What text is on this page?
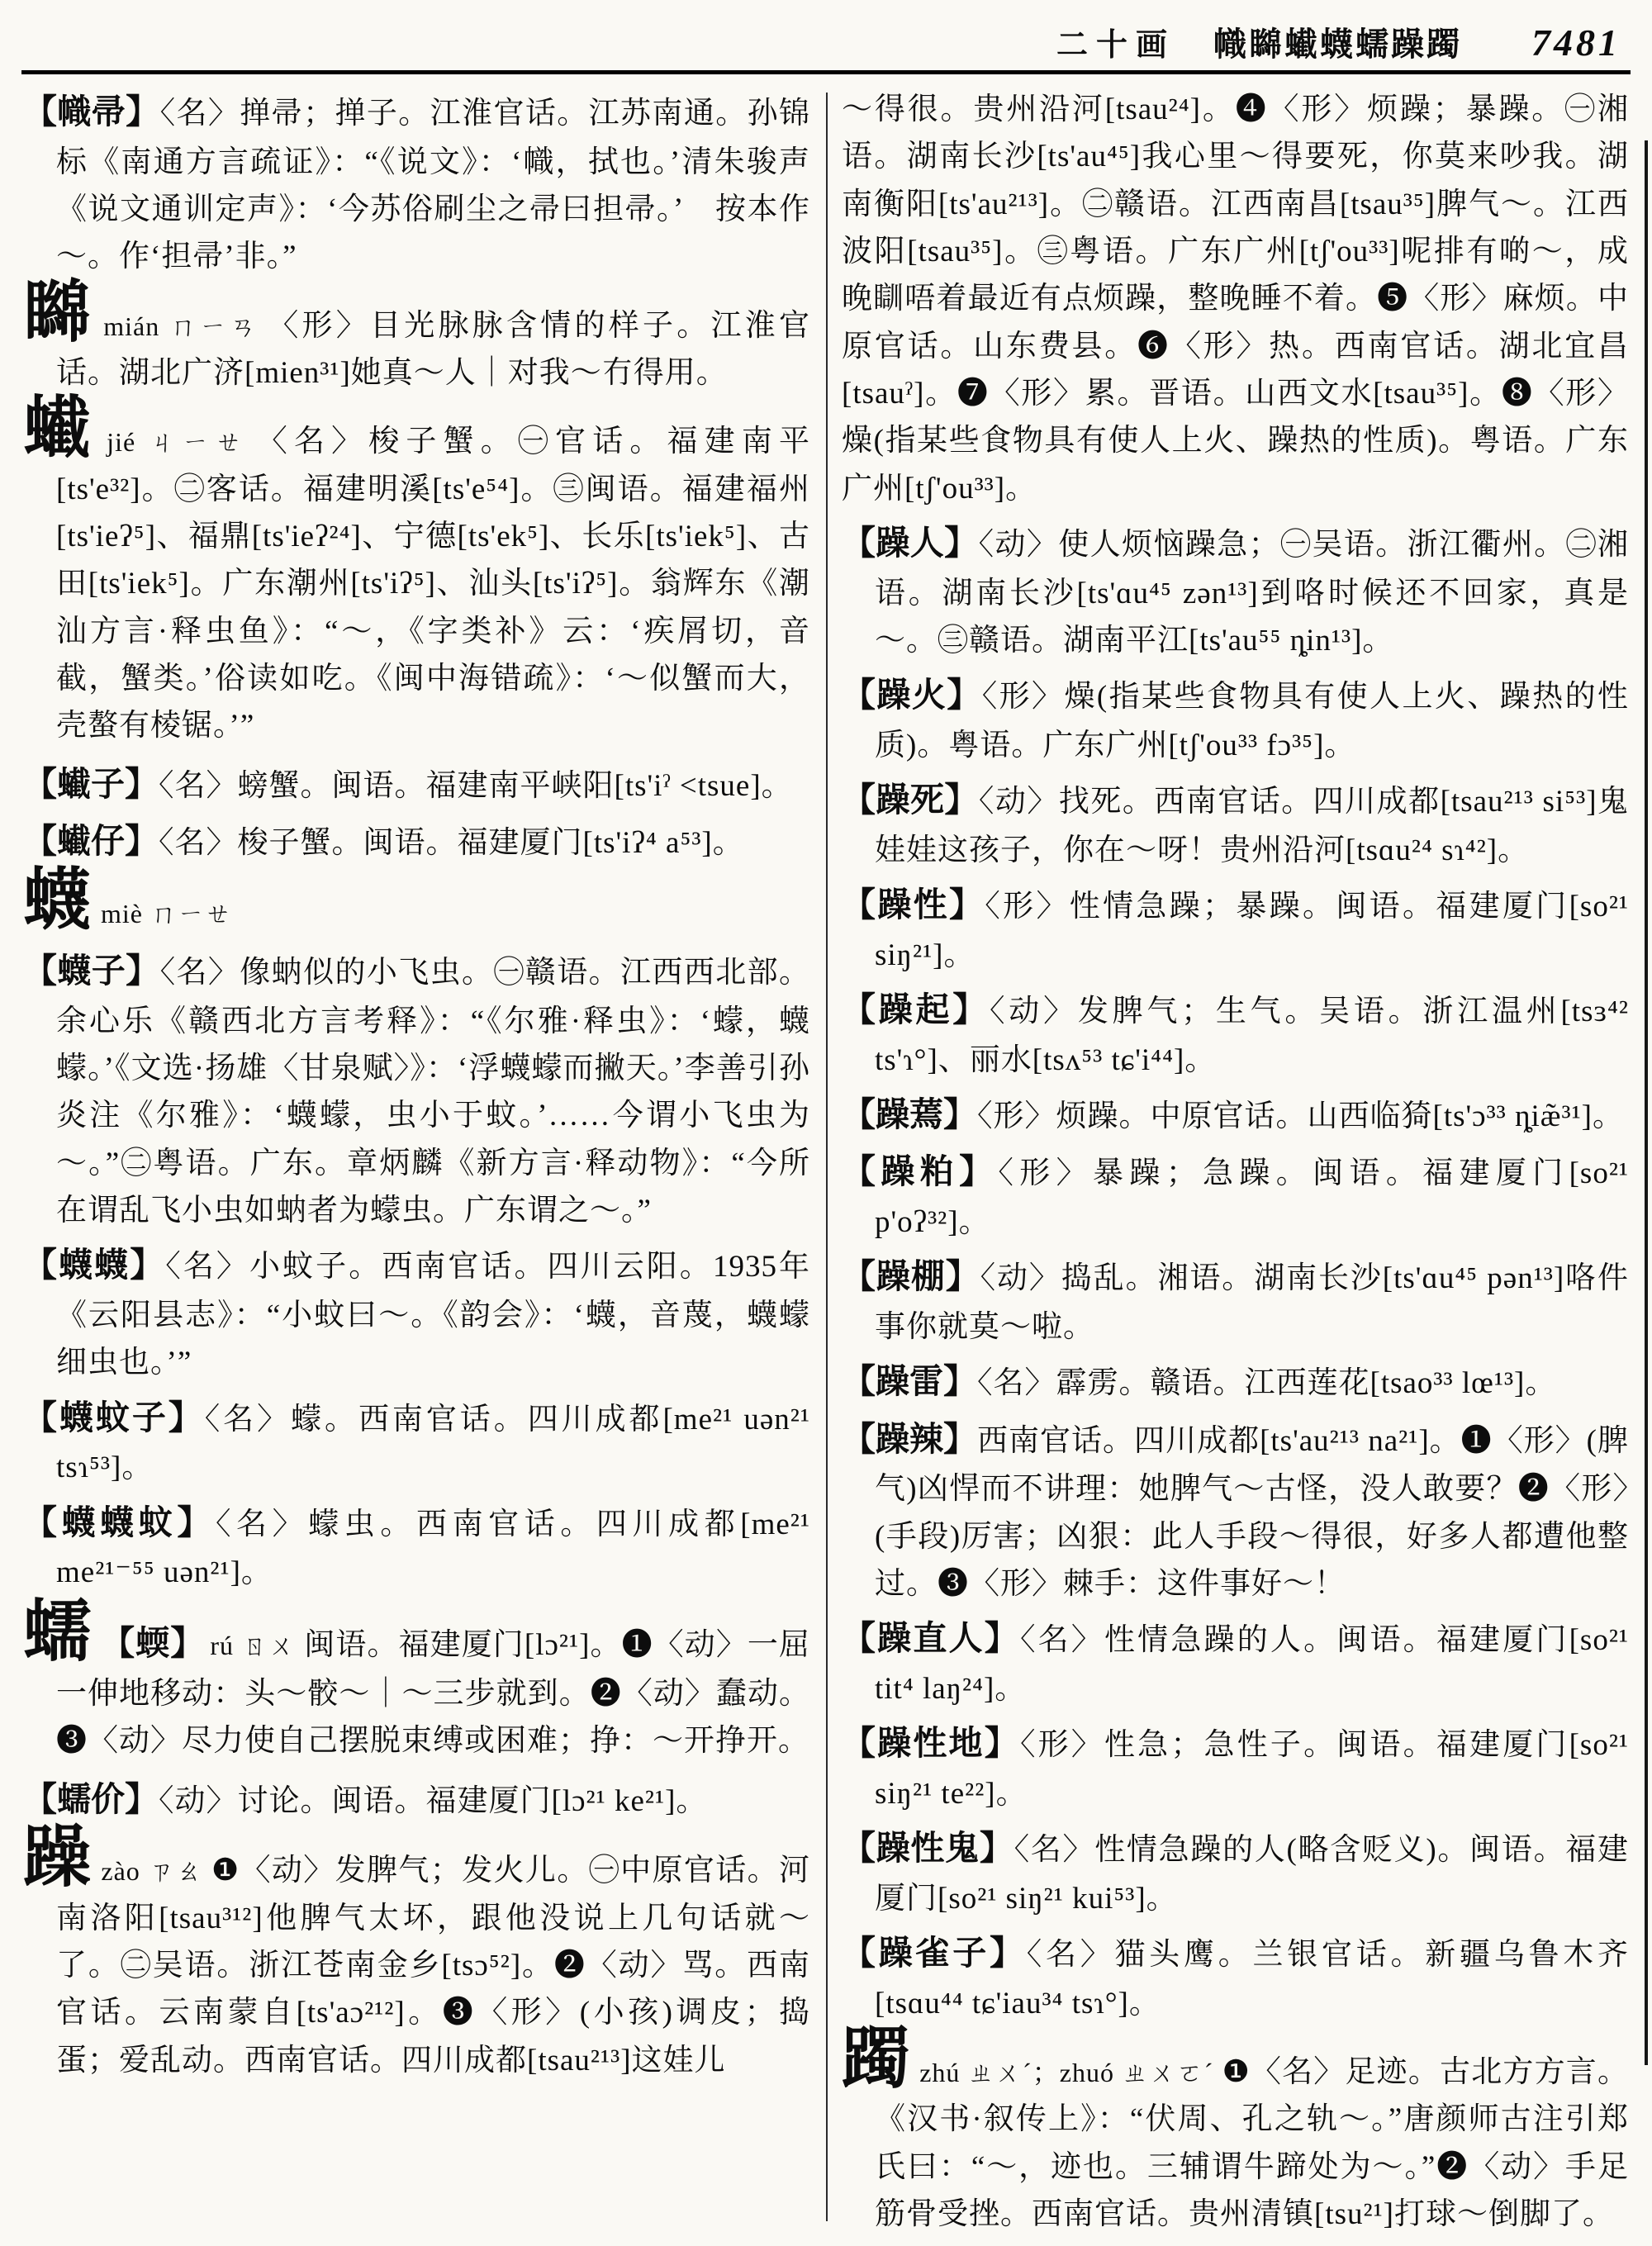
二十画 幟矊蠘蠛蠕躁躅 7481

【幟帚】〈名〉掸帚；掸子。江淮官话。江苏南通。孙锦标《南通方言疏证》：“《说文》：‘幟，拭也。’清朱骏声《说文通训定声》：‘今苏俗刷尘之帚曰担帚。’　按本作～。作‘担帚’非。”

矊mián ㄇㄧㄢ 〈形〉目光脉脉含情的样子。江淮官话。湖北广济[mien³¹]她真～人｜对我～冇得用。

蠘jié ㄐㄧㄝ 〈名〉梭子蟹。㊀官话。福建南平[ts'e³²]。㊁客话。福建明溪[ts'e⁵⁴]。㊂闽语。福建福州[ts'ieʔ⁵]、福鼎[ts'ieʔ²⁴]、宁德[ts'ek⁵]、长乐[ts'iek⁵]、古田[ts'iek⁵]。广东潮州[ts'iʔ⁵]、汕头[ts'iʔ⁵]。翁辉东《潮汕方言·释虫鱼》：“～，《字类补》云：‘疾屑切，音截，蟹类。’俗读如吃。《闽中海错疏》：‘～似蟹而大，壳螯有棱锯。’”

【蠘子】〈名〉螃蟹。闽语。福建南平峡阳[ts'iˀ ˂tsue]。

【蠘仔】〈名〉梭子蟹。闽语。福建厦门[ts'iʔ⁴ a⁵³]。

蠛miè ㄇㄧㄝ

【蠛子】〈名〉像蚋似的小飞虫。㊀赣语。江西西北部。余心乐《赣西北方言考释》：“《尔雅·释虫》：‘蠓，蠛蠓。’《文选·扬雄〈甘泉赋〉》：‘浮蠛蠓而撇天。’李善引孙炎注《尔雅》：‘蠛蠓，虫小于蚊。’……今谓小飞虫为～。”㊁粤语。广东。章炳麟《新方言·释动物》：“今所在谓乱飞小虫如蚋者为蠓虫。广东谓之～。”

【蠛蠛】〈名〉小蚊子。西南官话。四川云阳。1935年《云阳县志》：“小蚊曰～。《韵会》：‘蠛，音蔑，蠛蠓细虫也。’”

【蠛蚊子】〈名〉蠓。西南官话。四川成都[me²¹ uən²¹ tsɿ⁵³]。

【蠛蠛蚊】〈名〉蠓虫。西南官话。四川成都[me²¹ me²¹⁻⁵⁵ uən²¹]。

蠕 【蝡】 rú ㄖㄨ 闽语。福建厦门[lɔ²¹]。❶〈动〉一屈一伸地移动：头～骹～｜～三步就到。❷〈动〉蠢动。❸〈动〉尽力使自己摆脱束缚或困难；挣：～开挣开。

【蠕价】〈动〉讨论。闽语。福建厦门[lɔ²¹ ke²¹]。

躁zào ㄗㄠ ❶〈动〉发脾气；发火儿。㊀中原官话。河南洛阳[tsau³¹²]他脾气太坏，跟他没说上几句话就～了。㊁吴语。浙江苍南金乡[tsɔ⁵²]。❷〈动〉骂。西南官话。云南蒙自[ts'aɔ²¹²]。❸〈形〉(小孩)调皮；捣蛋；爱乱动。西南官话。四川成都[tsau²¹³]这娃儿

～得很。贵州沿河[tsau²⁴]。❹〈形〉烦躁；暴躁。㊀湘语。湖南长沙[ts'au⁴⁵]我心里～得要死，你莫来吵我。湖南衡阳[ts'au²¹³]。㊁赣语。江西南昌[tsau³⁵]脾气～。江西波阳[tsau³⁵]。㊂粤语。广东广州[tʃ'ou³³]呢排有啲～，成晚瞓唔着最近有点烦躁，整晚睡不着。❺〈形〉麻烦。中原官话。山东费县。❻〈形〉热。西南官话。湖北宜昌[tsauˀ]。❼〈形〉累。晋语。山西文水[tsau³⁵]。❽〈形〉燥(指某些食物具有使人上火、躁热的性质)。粤语。广东广州[tʃ'ou³³]。

【躁人】〈动〉使人烦恼躁急；㊀吴语。浙江衢州。㊁湘语。湖南长沙[ts'ɑu⁴⁵ zən¹³]到咯时候还不回家，真是～。㊂赣语。湖南平江[ts'au⁵⁵ ȵin¹³]。

【躁火】〈形〉燥(指某些食物具有使人上火、躁热的性质)。粤语。广东广州[tʃ'ou³³ fɔ³⁵]。

【躁死】〈动〉找死。西南官话。四川成都[tsau²¹³ si⁵³]鬼娃娃这孩子，你在～呀！贵州沿河[tsɑu²⁴ sɿ⁴²]。

【躁性】〈形〉性情急躁；暴躁。闽语。福建厦门[so²¹ siŋ²¹]。

【躁起】〈动〉发脾气；生气。吴语。浙江温州[tsɜ⁴² ts'ɿ°]、丽水[tsʌ⁵³ tɕ'i⁴⁴]。

【躁蔫】〈形〉烦躁。中原官话。山西临猗[ts'ɔ³³ ȵiæ̃³¹]。

【躁粕】〈形〉暴躁；急躁。闽语。福建厦门[so²¹ p'oʔ³²]。

【躁棚】〈动〉捣乱。湘语。湖南长沙[ts'ɑu⁴⁵ pən¹³]咯件事你就莫～啦。

【躁雷】〈名〉霹雳。赣语。江西莲花[tsao³³ lœ¹³]。

【躁辣】西南官话。四川成都[ts'au²¹³ na²¹]。❶〈形〉(脾气)凶悍而不讲理：她脾气～古怪，没人敢要？❷〈形〉(手段)厉害；凶狠：此人手段～得很，好多人都遭他整过。❸〈形〉棘手：这件事好～！

【躁直人】〈名〉性情急躁的人。闽语。福建厦门[so²¹ tit⁴ laŋ²⁴]。

【躁性地】〈形〉性急；急性子。闽语。福建厦门[so²¹ siŋ²¹ te²²]。

【躁性鬼】〈名〉性情急躁的人(略含贬义)。闽语。福建厦门[so²¹ siŋ²¹ kui⁵³]。

【躁雀子】〈名〉猫头鹰。兰银官话。新疆乌鲁木齐[tsɑu⁴⁴ tɕ'iau³⁴ tsɿ°]。

躅zhú ㄓㄨˊ；zhuó ㄓㄨㄛˊ ❶〈名〉足迹。古北方方言。《汉书·叙传上》：“伏周、孔之轨～。”唐颜师古注引郑氏曰：“～，迹也。三辅谓牛蹄处为～。”❷〈动〉手足筋骨受挫。西南官话。贵州清镇[tsu²¹]打球～倒脚了。
